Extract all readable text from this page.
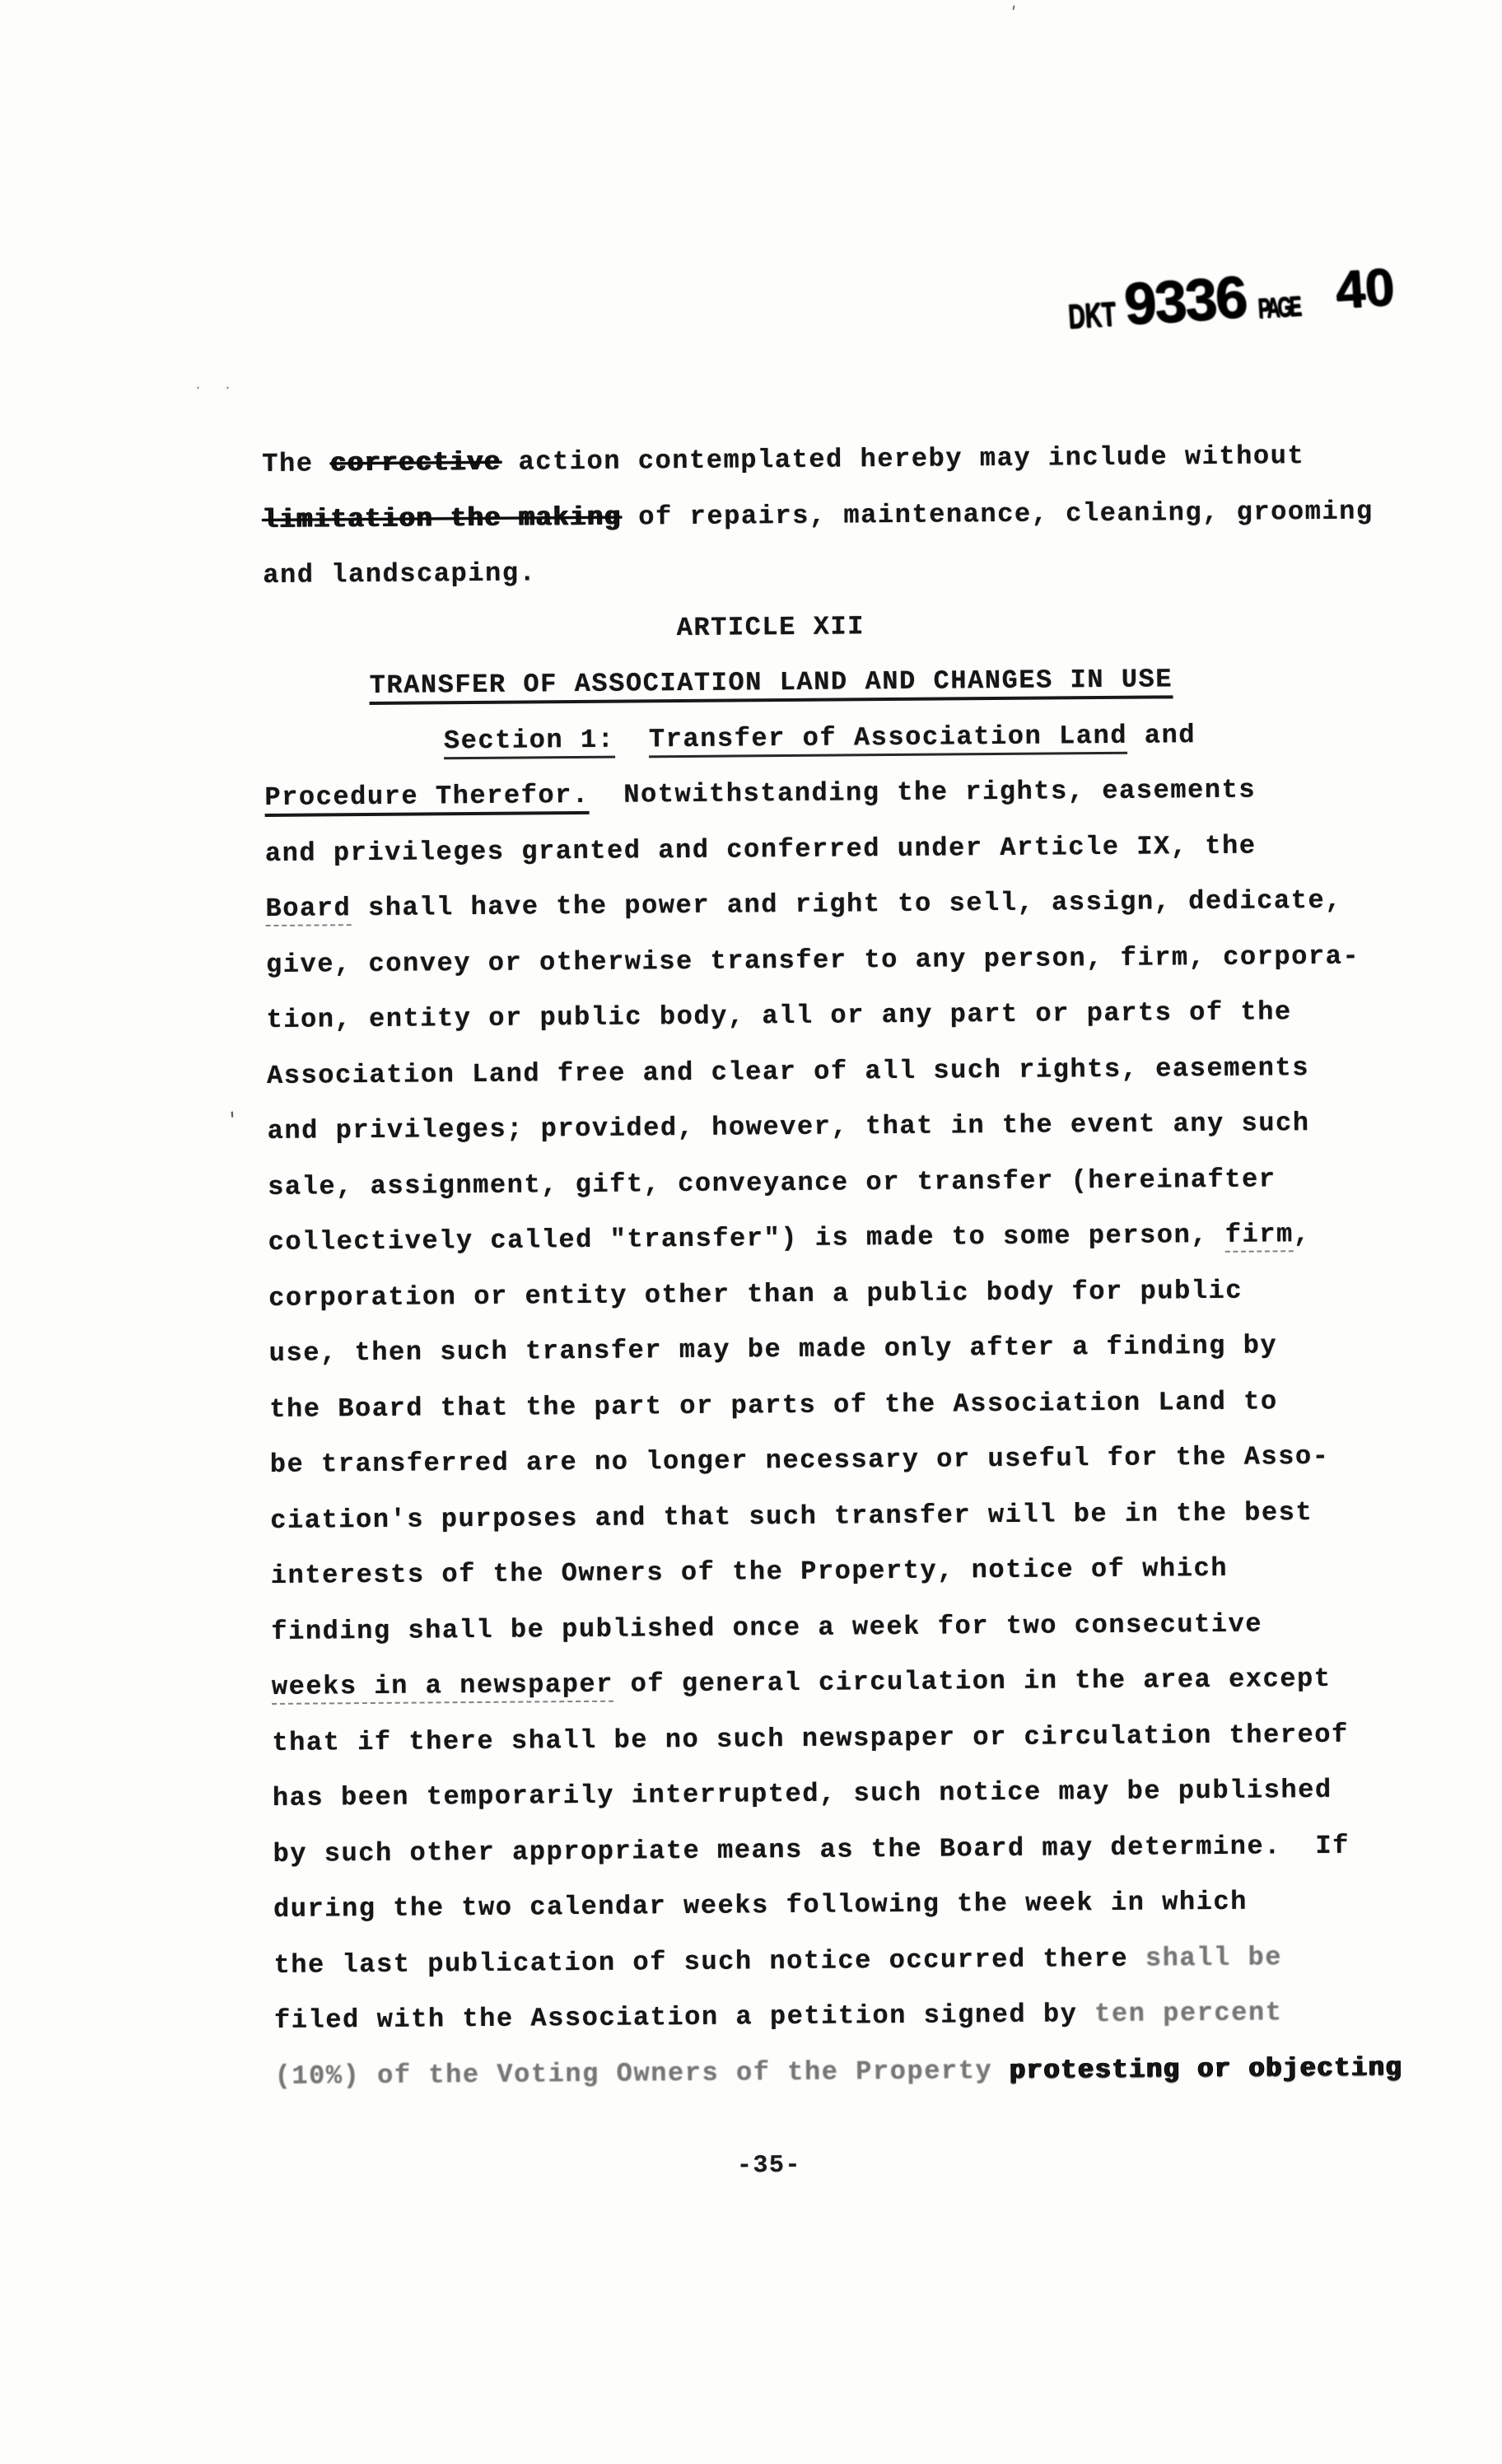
'
DKT 9336 PAGE 40
· ·
ʹ
The corrective action contemplated hereby may include without
limitation the making of repairs, maintenance, cleaning, grooming
and landscaping.
ARTICLE XII
TRANSFER OF ASSOCIATION LAND AND CHANGES IN USE
Section 1: Transfer of Association Land and
Procedure Therefor.  Notwithstanding the rights, easements
and privileges granted and conferred under Article IX, the
Board shall have the power and right to sell, assign, dedicate,
give, convey or otherwise transfer to any person, firm, corpora-
tion, entity or public body, all or any part or parts of the
Association Land free and clear of all such rights, easements
and privileges; provided, however, that in the event any such
sale, assignment, gift, conveyance or transfer (hereinafter
collectively called "transfer") is made to some person, firm,
corporation or entity other than a public body for public
use, then such transfer may be made only after a finding by
the Board that the part or parts of the Association Land to
be transferred are no longer necessary or useful for the Asso-
ciation's purposes and that such transfer will be in the best
interests of the Owners of the Property, notice of which
finding shall be published once a week for two consecutive
weeks in a newspaper of general circulation in the area except
that if there shall be no such newspaper or circulation thereof
has been temporarily interrupted, such notice may be published
by such other appropriate means as the Board may determine.  If
during the two calendar weeks following the week in which
the last publication of such notice occurred there shall be
filed with the Association a petition signed by ten percent
(10%) of the Voting Owners of the Property protesting or objecting
-35-
